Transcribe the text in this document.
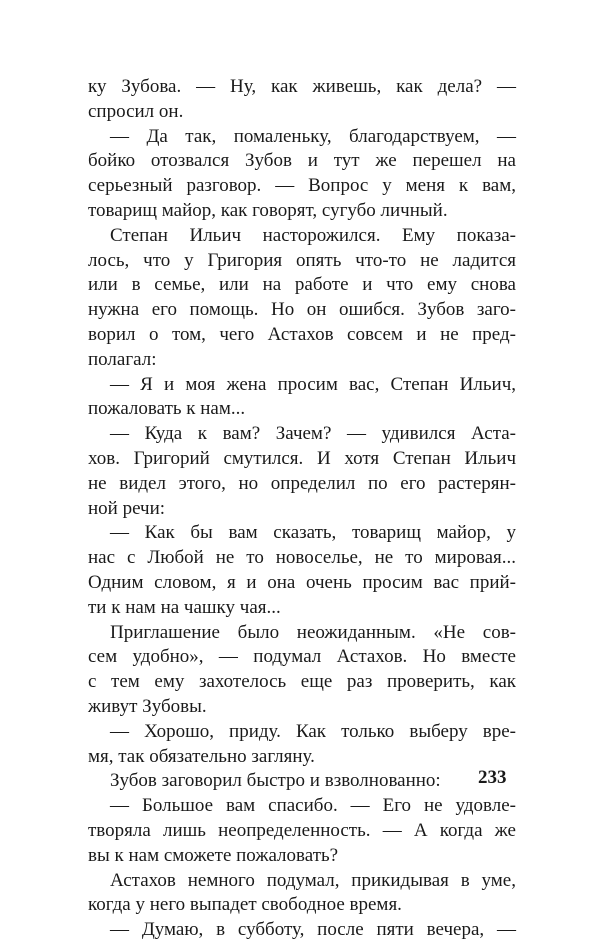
ку Зубова. — Ну, как живешь, как дела? —
спросил он.
— Да так, помаленьку, благодарствуем, —
бойко отозвался Зубов и тут же перешел на
серьезный разговор. — Вопрос у меня к вам,
товарищ майор, как говорят, сугубо личный.
Степан Ильич насторожился. Ему показа-
лось, что у Григория опять что-то не ладится
или в семье, или на работе и что ему снова
нужна его помощь. Но он ошибся. Зубов заго-
ворил о том, чего Астахов совсем и не пред-
полагал:
— Я и моя жена просим вас, Степан Ильич,
пожаловать к нам...
— Куда к вам? Зачем? — удивился Аста-
хов. Григорий смутился. И хотя Степан Ильич
не видел этого, но определил по его растерян-
ной речи:
— Как бы вам сказать, товарищ майор, у
нас с Любой не то новоселье, не то мировая...
Одним словом, я и она очень просим вас прий-
ти к нам на чашку чая...
Приглашение было неожиданным. «Не сов-
сем удобно», — подумал Астахов. Но вместе
с тем ему захотелось еще раз проверить, как
живут Зубовы.
— Хорошо, приду. Как только выберу вре-
мя, так обязательно загляну.
Зубов заговорил быстро и взволнованно:
— Большое вам спасибо. — Его не удовле-
творяла лишь неопределенность. — А когда же
вы к нам сможете пожаловать?
Астахов немного подумал, прикидывая в уме,
когда у него выпадет свободное время.
— Думаю, в субботу, после пяти вечера, —
233
